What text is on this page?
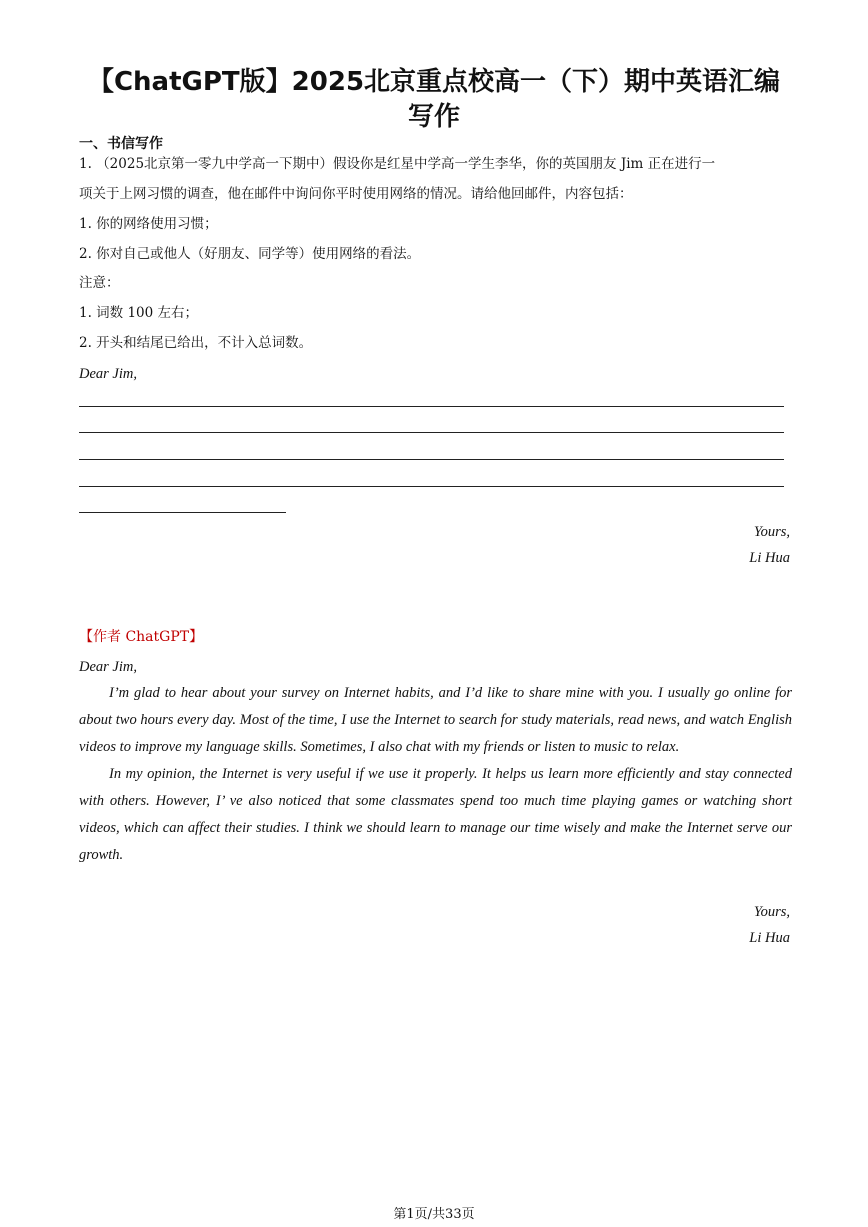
【ChatGPT版】2025北京重点校高一（下）期中英语汇编
写作
一、书信写作
1. （2025北京第一零九中学高一下期中）假设你是红星中学高一学生李华，你的英国朋友 Jim 正在进行一
项关于上网习惯的调查，他在邮件中询问你平时使用网络的情况。请给他回邮件，内容包括：
1. 你的网络使用习惯；
2. 你对自己或他人（好朋友、同学等）使用网络的看法。
注意：
1. 词数 100 左右；
2. 开头和结尾已给出，不计入总词数。
Dear Jim,
Yours,
Li Hua
【作者 ChatGPT】
Dear Jim,

I’m glad to hear about your survey on Internet habits, and I’d like to share mine with you. I usually go online for about two hours every day. Most of the time, I use the Internet to search for study materials, read news, and watch English videos to improve my language skills. Sometimes, I also chat with my friends or listen to music to relax.

In my opinion, the Internet is very useful if we use it properly. It helps us learn more efficiently and stay connected with others. However, I’ ve also noticed that some classmates spend too much time playing games or watching short videos, which can affect their studies. I think we should learn to manage our time wisely and make the Internet serve our growth.

Yours,
Li Hua
第1页/共33页
